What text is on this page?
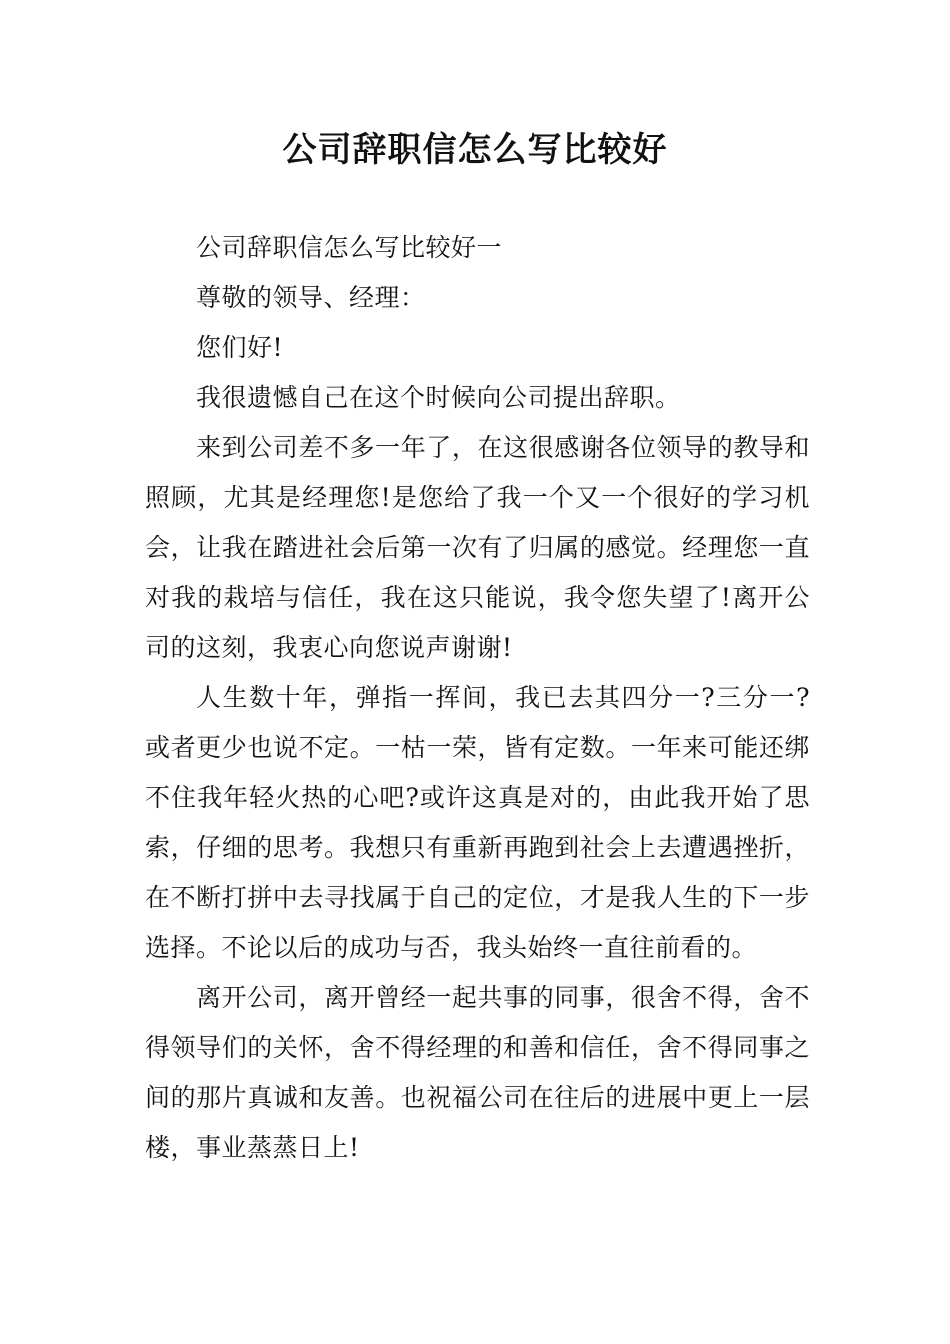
公司辞职信怎么写比较好

公司辞职信怎么写比较好一

尊敬的领导、经理：

您们好!

我很遗憾自己在这个时候向公司提出辞职。

来到公司差不多一年了，在这很感谢各位领导的教导和照顾，尤其是经理您!是您给了我一个又一个很好的学习机会，让我在踏进社会后第一次有了归属的感觉。经理您一直对我的栽培与信任，我在这只能说，我令您失望了!离开公司的这刻，我衷心向您说声谢谢!

人生数十年，弹指一挥间，我已去其四分一?三分一?或者更少也说不定。一枯一荣，皆有定数。一年来可能还绑不住我年轻火热的心吧?或许这真是对的，由此我开始了思索，仔细的思考。我想只有重新再跑到社会上去遭遇挫折，在不断打拼中去寻找属于自己的定位，才是我人生的下一步选择。不论以后的成功与否，我头始终一直往前看的。

离开公司，离开曾经一起共事的同事，很舍不得，舍不得领导们的关怀，舍不得经理的和善和信任，舍不得同事之间的那片真诚和友善。也祝福公司在往后的进展中更上一层楼，事业蒸蒸日上!
